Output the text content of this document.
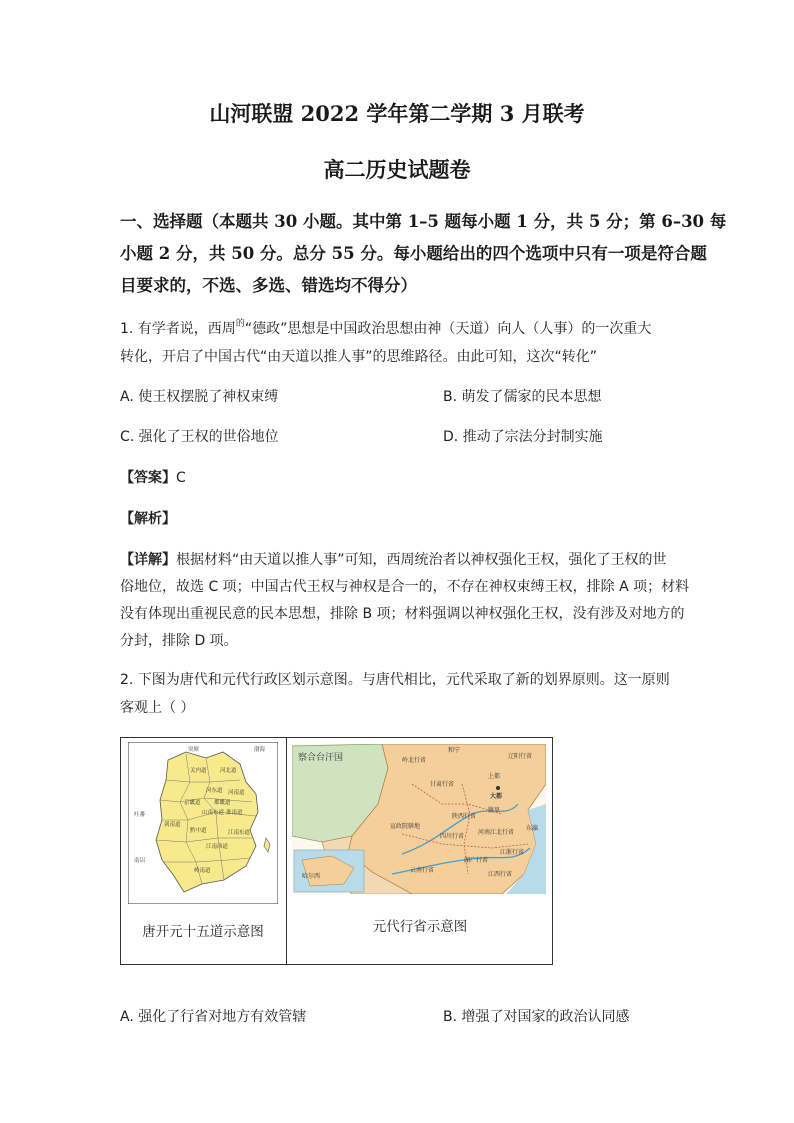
山河联盟 2022 学年第二学期 3 月联考
高二历史试题卷
一、选择题（本题共 30 小题。其中第 1–5 题每小题 1 分，共 5 分；第 6–30 每
小题 2 分，共 50 分。总分 55 分。每小题给出的四个选项中只有一项是符合题
目要求的，不选、多选、错选均不得分）
1. 有学者说，西周$^的$“德政”思想是中国政治思想由神（天道）向人（人事）的一次重大
转化，开启了中国古代“由天道以推人事”的思维路径。由此可知，这次“转化”
A. 使王权摆脱了神权束缚	B. 萌发了儒家的民本思想
C. 强化了王权的世俗地位	D. 推动了宗法分封制实施
【答案】C
【解析】
【详解】根据材料“由天道以推人事”可知，西周统治者以神权强化王权，强化了王权的世
俗地位，故选 C 项；中国古代王权与神权是合一的，不存在神权束缚王权，排除 A 项；材料
没有体现出重视民意的民本思想，排除 B 项；材料强调以神权强化王权，没有涉及对地方的
分封，排除 D 项。
2. 下图为唐代和元代行政区划示意图。与唐代相比，元代采取了新的划界原则。这一原则
客观上（ ）
突厥	渤海
关内道 河北道
河东道 河南道
都畿道
京畿道
山南东道 淮南道
吐蕃
剑南道
黔中道
江南西道
江南东道
岭南道
南诏
唐开元十五道示意图
察合台汗国
和宁
上都
大都
岭北行省
辽阳行省
甘肃行省
陕西行省
腹里
河南江北行省
宣政院辖地
四川行省
湖广行省
江浙行省
江西行省
云南行省
东瀛
哈尔西
元代行省示意图
A. 强化了行省对地方有效管辖	B. 增强了对国家的政治认同感
